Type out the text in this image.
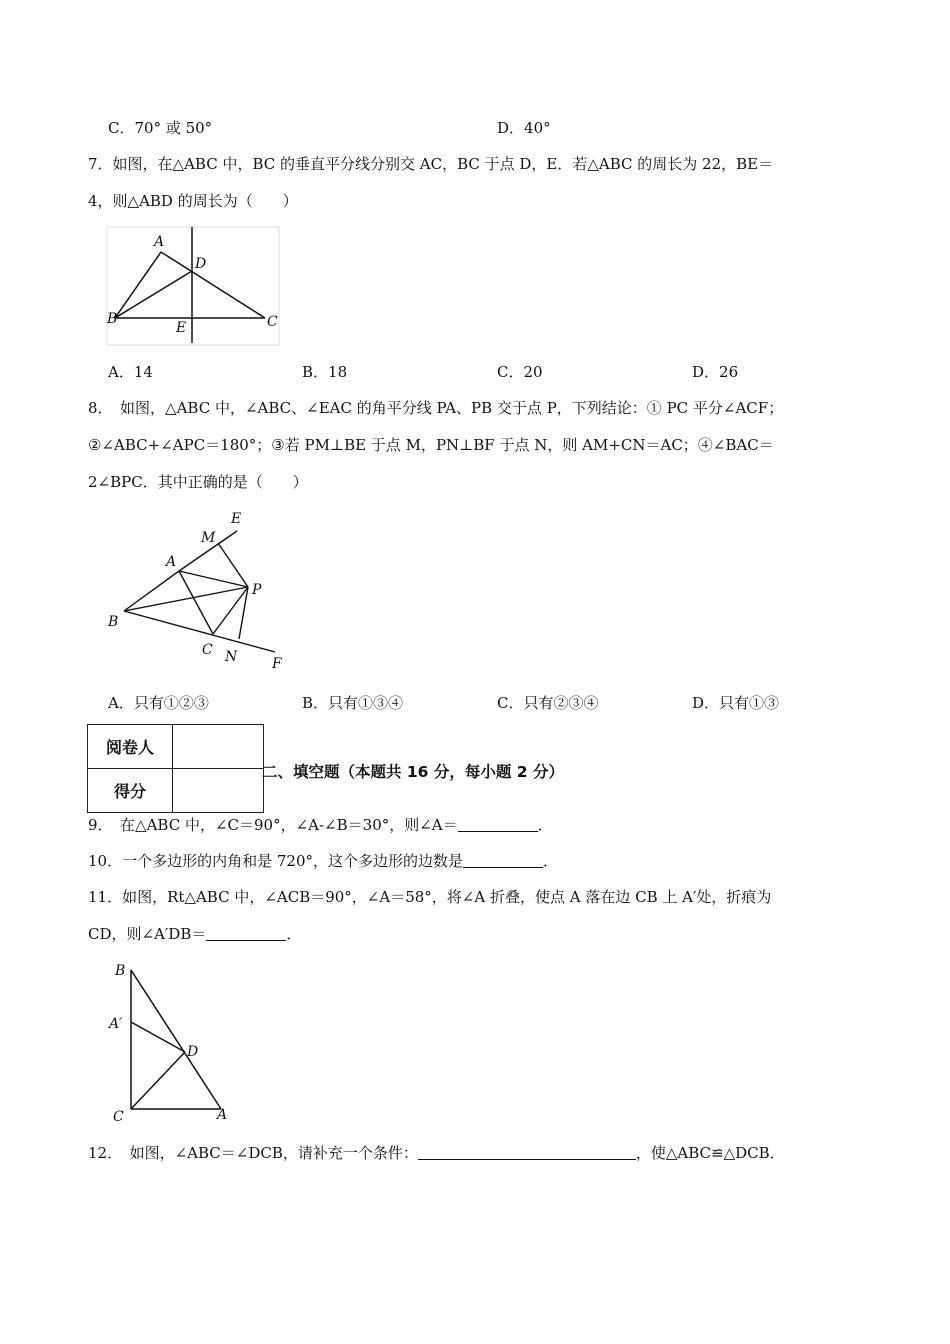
C．70° 或 50°	D．40°
7．如图，在△ABC 中，BC 的垂直平分线分别交 AC，BC 于点 D，E．若△ABC 的周长为 22，BE＝
4，则△ABD 的周长为（　　）
A
D
B
E	C
A．14	B．18	C．20	D．26
8．　如图，△ABC 中，∠ABC、∠EAC 的角平分线 PA、PB 交于点 P，下列结论：① PC 平分∠ACF；
②∠ABC+∠APC＝180°；③若 PM⊥BE 于点 M，PN⊥BF 于点 N，则 AM+CN＝AC；④∠BAC＝
2∠BPC．其中正确的是（　　）
E
M
A
P
B
C N F
A．只有①②③	B．只有①③④	C．只有②③④	D．只有①③
阅卷人	
得分	
二、填空题（本题共 16 分，每小题 2 分）
9．　在△ABC 中，∠C＝90°，∠A-∠B＝30°，则∠A＝	．
10．一个多边形的内角和是 720°，这个多边形的边数是	．
11．如图，Rt△ABC 中，∠ACB＝90°，∠A＝58°，将∠A 折叠，使点 A 落在边 CB 上 A′处，折痕为
CD，则∠A′DB＝	．
B
A′
D
C	A
12．　如图，∠ABC＝∠DCB，请补充一个条件：	，使△ABC≌△DCB．
